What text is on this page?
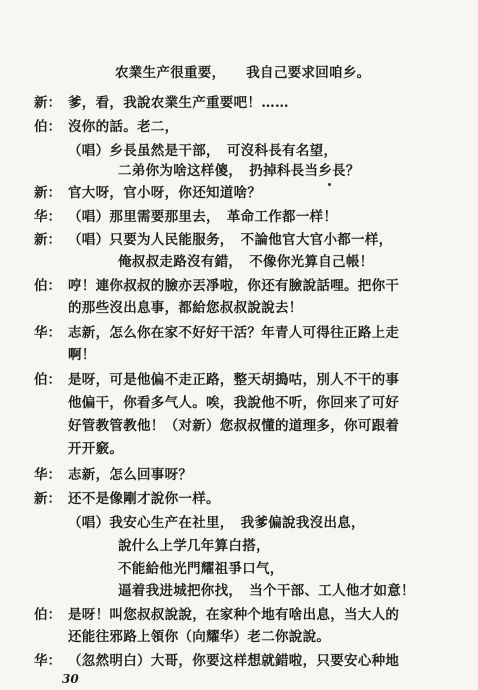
农業生产很重要，　　我自己要求回咱乡。
新： 爹，看，我說农業生产重要吧！……
伯： 沒你的話。老二，
（唱）乡長虽然是干部，　可沒科長有名望，
二弟你为啥这样傻，　扔掉科長当乡長？
新： 官大呀，官小呀，你还知道啥？
华： （唱）那里需要那里去，　革命工作都一样！
新： （唱）只要为人民能服务，　不論他官大官小都一样，
俺叔叔走路沒有錯，　不像你光算自己帳！
伯： 哼！連你叔叔的臉亦丟凈啦，你还有臉說話哩。把你干
的那些沒出息事，都給您叔叔說說去！
华： 志新，怎么你在家不好好干活？年青人可得往正路上走
啊！
伯： 是呀，可是他偏不走正路，整天胡搗咕，別人不干的事
他偏干，你看多气人。唉，我說他不听，你回来了可好
好管教管教他！（对新）您叔叔懂的道理多，你可跟着
开开竅。
华： 志新，怎么回事呀？
新： 还不是像剛才說你一样。
（唱）我安心生产在社里，　我爹偏說我沒出息，
說什么上学几年算白搭，
不能給他光門耀祖爭口气，
逼着我进城把你找，　当个干部、工人他才如意！
伯： 是呀！叫您叔叔說說，在家种个地有啥出息，当大人的
还能往邪路上領你（向耀华）老二你說說。
华： （忽然明白）大哥，你要这样想就錯啦，只要安心种地
30
